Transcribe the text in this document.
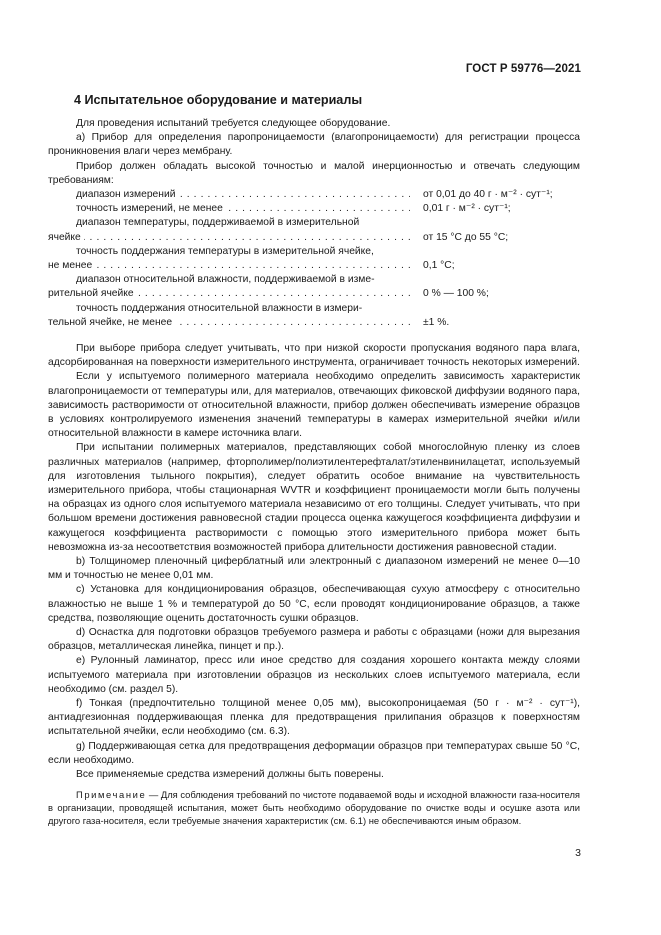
ГОСТ Р 59776—2021
4 Испытательное оборудование и материалы

Для проведения испытаний требуется следующее оборудование.

а) Прибор для определения паропроницаемости (влагопроницаемости) для регистрации процесса проникновения влаги через мембрану.

Прибор должен обладать высокой точностью и малой инерционностью и отвечать следующим требованиям:

диапазон измерений . . .	от 0,01 до 40 г · м⁻² · сут⁻¹;
точность измерений, не менее . . .	0,01 г · м⁻² · сут⁻¹;
диапазон температуры, поддерживаемой в измерительной
ячейке . . .	от 15 °С до 55 °С;
точность поддержания температуры в измерительной ячейке,
не менее . . .	0,1 °С;
диапазон относительной влажности, поддерживаемой в изме-
рительной ячейке . . .	0 % — 100 %;
точность поддержания относительной влажности в измери-
тельной ячейке, не менее . . .	±1 %.

При выборе прибора следует учитывать, что при низкой скорости пропускания водяного пара влага, адсорбированная на поверхности измерительного инструмента, ограничивает точность некоторых измерений.

Если у испытуемого полимерного материала необходимо определить зависимость характеристик влагопроницаемости от температуры или, для материалов, отвечающих фиковской диффузии водяного пара, зависимость растворимости от относительной влажности, прибор должен обеспечивать измерение образцов в условиях контролируемого изменения значений температуры в камерах измерительной ячейки и/или относительной влажности в камере источника влаги.

При испытании полимерных материалов, представляющих собой многослойную пленку из слоев различных материалов (например, фторполимер/полиэтилентерефталат/этиленвинилацетат, используемый для изготовления тыльного покрытия), следует обратить особое внимание на чувствительность измерительного прибора, чтобы стационарная WVTR и коэффициент проницаемости могли быть получены на образцах из одного слоя испытуемого материала независимо от его толщины. Следует учитывать, что при большом времени достижения равновесной стадии процесса оценка кажущегося коэффициента диффузии и кажущегося коэффициента растворимости с помощью этого измерительного прибора может быть невозможна из-за несоответствия возможностей прибора длительности достижения равновесной стадии.

b) Толщиномер пленочный циферблатный или электронный с диапазоном измерений не менее 0—10 мм и точностью не менее 0,01 мм.

c) Установка для кондиционирования образцов, обеспечивающая сухую атмосферу с относительно влажностью не выше 1 % и температурой до 50 °С, если проводят кондиционирование образцов, а также средства, позволяющие оценить достаточность сушки образцов.

d) Оснастка для подготовки образцов требуемого размера и работы с образцами (ножи для вырезания образцов, металлическая линейка, пинцет и пр.).

e) Рулонный ламинатор, пресс или иное средство для создания хорошего контакта между слоями испытуемого материала при изготовлении образцов из нескольких слоев испытуемого материала, если необходимо (см. раздел 5).

f) Тонкая (предпочтительно толщиной менее 0,05 мм), высокопроницаемая (50 г · м⁻² · сут⁻¹), антиадгезионная поддерживающая пленка для предотвращения прилипания образцов к поверхностям испытательной ячейки, если необходимо (см. 6.3).

g) Поддерживающая сетка для предотвращения деформации образцов при температурах свыше 50 °С, если необходимо.

Все применяемые средства измерений должны быть поверены.

Примечание — Для соблюдения требований по чистоте подаваемой воды и исходной влажности газа-носителя в организации, проводящей испытания, может быть необходимо оборудование по очистке воды и осушке азота или другого газа-носителя, если требуемые значения характеристик (см. 6.1) не обеспечиваются иным образом.

3
